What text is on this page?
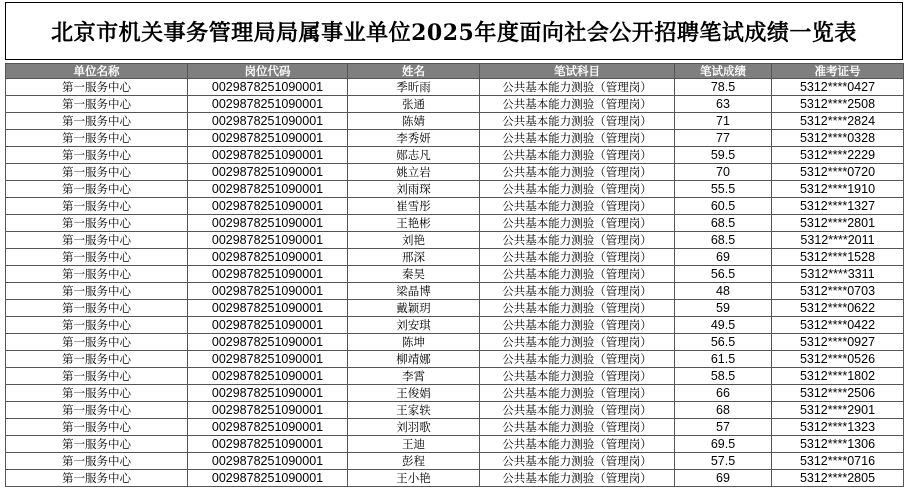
北京市机关事务管理局局属事业单位2025年度面向社会公开招聘笔试成绩一览表
单位名称	岗位代码	姓名	笔试科目	笔试成绩	准考证号
第一服务中心	0029878251090001	季昕雨	公共基本能力测验（管理岗）	78.5	5312****0427
第一服务中心	0029878251090001	张通	公共基本能力测验（管理岗）	63	5312****2508
第一服务中心	0029878251090001	陈婧	公共基本能力测验（管理岗）	71	5312****2824
第一服务中心	0029878251090001	李秀妍	公共基本能力测验（管理岗）	77	5312****0328
第一服务中心	0029878251090001	郧志凡	公共基本能力测验（管理岗）	59.5	5312****2229
第一服务中心	0029878251090001	姚立岩	公共基本能力测验（管理岗）	70	5312****0720
第一服务中心	0029878251090001	刘雨琛	公共基本能力测验（管理岗）	55.5	5312****1910
第一服务中心	0029878251090001	崔雪彤	公共基本能力测验（管理岗）	60.5	5312****1327
第一服务中心	0029878251090001	王艳彬	公共基本能力测验（管理岗）	68.5	5312****2801
第一服务中心	0029878251090001	刘艳	公共基本能力测验（管理岗）	68.5	5312****2011
第一服务中心	0029878251090001	邢深	公共基本能力测验（管理岗）	69	5312****1528
第一服务中心	0029878251090001	秦昊	公共基本能力测验（管理岗）	56.5	5312****3311
第一服务中心	0029878251090001	梁晶博	公共基本能力测验（管理岗）	48	5312****0703
第一服务中心	0029878251090001	戴颖玥	公共基本能力测验（管理岗）	59	5312****0622
第一服务中心	0029878251090001	刘安琪	公共基本能力测验（管理岗）	49.5	5312****0422
第一服务中心	0029878251090001	陈坤	公共基本能力测验（管理岗）	56.5	5312****0927
第一服务中心	0029878251090001	柳靖娜	公共基本能力测验（管理岗）	61.5	5312****0526
第一服务中心	0029878251090001	李霄	公共基本能力测验（管理岗）	58.5	5312****1802
第一服务中心	0029878251090001	王俊娟	公共基本能力测验（管理岗）	66	5312****2506
第一服务中心	0029878251090001	王家轶	公共基本能力测验（管理岗）	68	5312****2901
第一服务中心	0029878251090001	刘羽歌	公共基本能力测验（管理岗）	57	5312****1323
第一服务中心	0029878251090001	王迪	公共基本能力测验（管理岗）	69.5	5312****1306
第一服务中心	0029878251090001	彭程	公共基本能力测验（管理岗）	57.5	5312****0716
第一服务中心	0029878251090001	王小艳	公共基本能力测验（管理岗）	69	5312****2805
